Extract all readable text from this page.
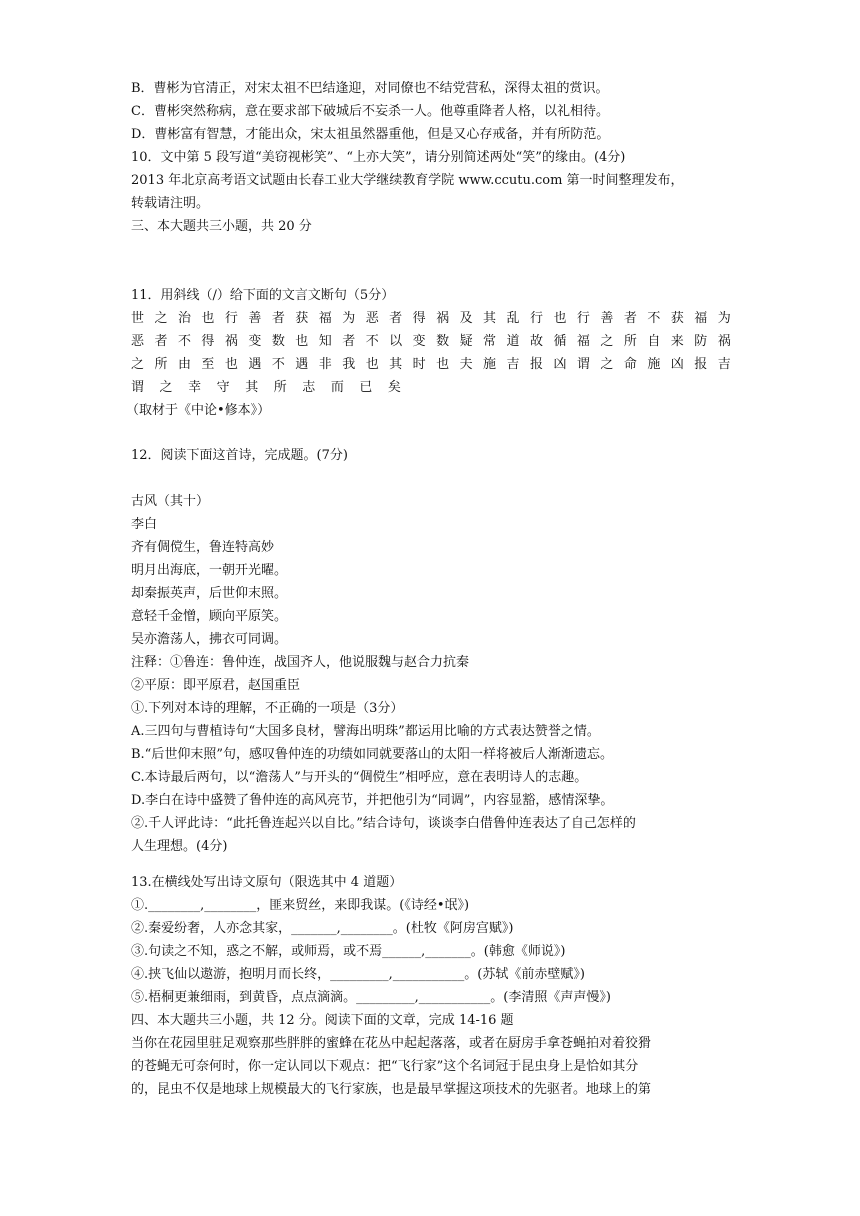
B．曹彬为官清正，对宋太祖不巴结逢迎，对同僚也不结党营私，深得太祖的赏识。
C．曹彬突然称病，意在要求部下破城后不妄杀一人。他尊重降者人格，以礼相待。
D．曹彬富有智慧，才能出众，宋太祖虽然器重他，但是又心存戒备，并有所防范。
10．文中第 5 段写道“美窃视彬笑”、“上亦大笑”，请分别简述两处“笑”的缘由。(4分)
2013 年北京高考语文试题由长春工业大学继续教育学院 www.ccutu.com 第一时间整理发布，
转载请注明。
三、本大题共三小题，共 20 分
11．用斜线（/）给下面的文言文断句（5分）
世 之 治 也 行 善 者 获 福 为 恶 者 得 祸 及 其 乱 行 也 行 善 者 不 获 福 为
恶 者 不 得 祸 变 数 也 知 者 不 以 变 数 疑 常 道 故 循 福 之 所 自 来 防 祸
之 所 由 至 也 遇 不 遇 非 我 也 其 时 也 夫 施 吉 报 凶 谓 之 命 施 凶 报 吉
谓 之 幸 守 其 所 志 而 已 矣
（取材于《中论•修本》）
12．阅读下面这首诗，完成题。(7分)
古风（其十）
李白
齐有倜傥生，鲁连特高妙
明月出海底，一朝开光曜。
却秦振英声，后世仰末照。
意轻千金憎，顾向平原笑。
吴亦澹荡人，拂衣可同调。
注释：①鲁连：鲁仲连，战国齐人，他说服魏与赵合力抗秦
②平原：即平原君，赵国重臣
①.下列对本诗的理解，不正确的一项是（3分）
A.三四句与曹植诗句“大国多良材，譬海出明珠”都运用比喻的方式表达赞誉之情。
B.“后世仰末照”句，感叹鲁仲连的功绩如同就要落山的太阳一样将被后人渐渐遗忘。
C.本诗最后两句，以“澹荡人”与开头的“倜傥生”相呼应，意在表明诗人的志趣。
D.李白在诗中盛赞了鲁仲连的高风亮节，并把他引为“同调”，内容显豁，感情深挚。
②.千人评此诗：“此托鲁连起兴以自比。”结合诗句，谈谈李白借鲁仲连表达了自己怎样的
人生理想。(4分)
13.在横线处写出诗文原句（限选其中 4 道题）
①.________,________，匪来贸丝，来即我谋。(《诗经•氓》)
②.秦爱纷奢，人亦念其家，_______,________。(杜牧《阿房宫赋》)
③.句读之不知，惑之不解，或师焉，或不焉______,_______。(韩愈《师说》)
④.挟飞仙以遨游，抱明月而长终，_________,___________。(苏轼《前赤壁赋》)
⑤.梧桐更兼细雨，到黄昏，点点滴滴。_________,___________。(李清照《声声慢》)
四、本大题共三小题，共 12 分。阅读下面的文章，完成 14-16 题
当你在花园里驻足观察那些胖胖的蜜蜂在花丛中起起落落，或者在厨房手拿苍蝇拍对着狡猾
的苍蝇无可奈何时，你一定认同以下观点：把“飞行家”这个名词冠于昆虫身上是恰如其分
的，昆虫不仅是地球上规模最大的飞行家族，也是最早掌握这项技术的先驱者。地球上的第
